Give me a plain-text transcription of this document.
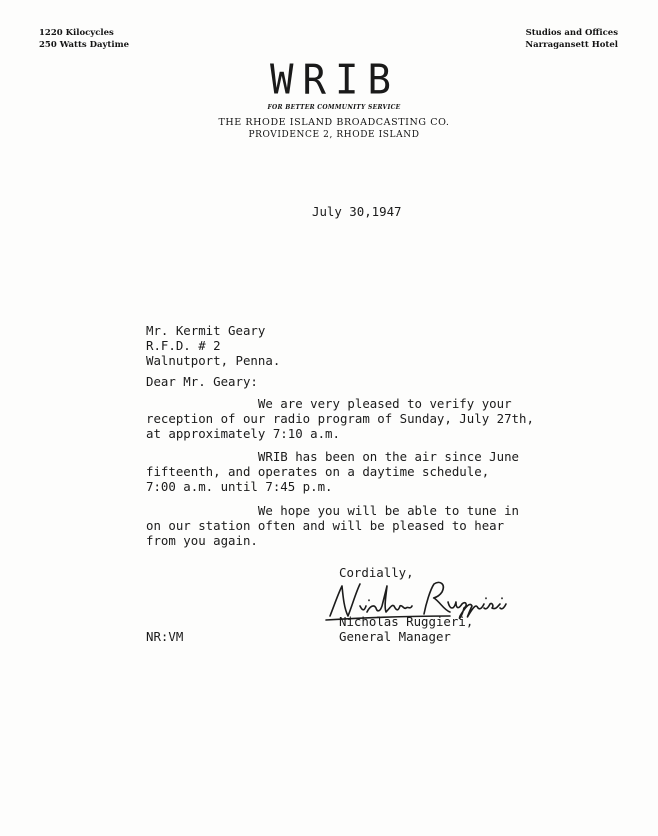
1220 Kilocycles
250 Watts Daytime
Studios and Offices
Narragansett Hotel
WRIB
FOR BETTER COMMUNITY SERVICE
THE RHODE ISLAND BROADCASTING CO.
PROVIDENCE 2, RHODE ISLAND
July 30,1947
Mr. Kermit Geary
R.F.D. # 2
Walnutport, Penna.
Dear Mr. Geary:
We are very pleased to verify your
reception of our radio program of Sunday, July 27th,
at approximately 7:10 a.m.
WRIB has been on the air since June
fifteenth, and operates on a daytime schedule,
7:00 a.m. until 7:45 p.m.
We hope you will be able to tune in
on our station often and will be pleased to hear
from you again.
Cordially,
Nicholas Ruggieri,
General Manager
NR:VM
